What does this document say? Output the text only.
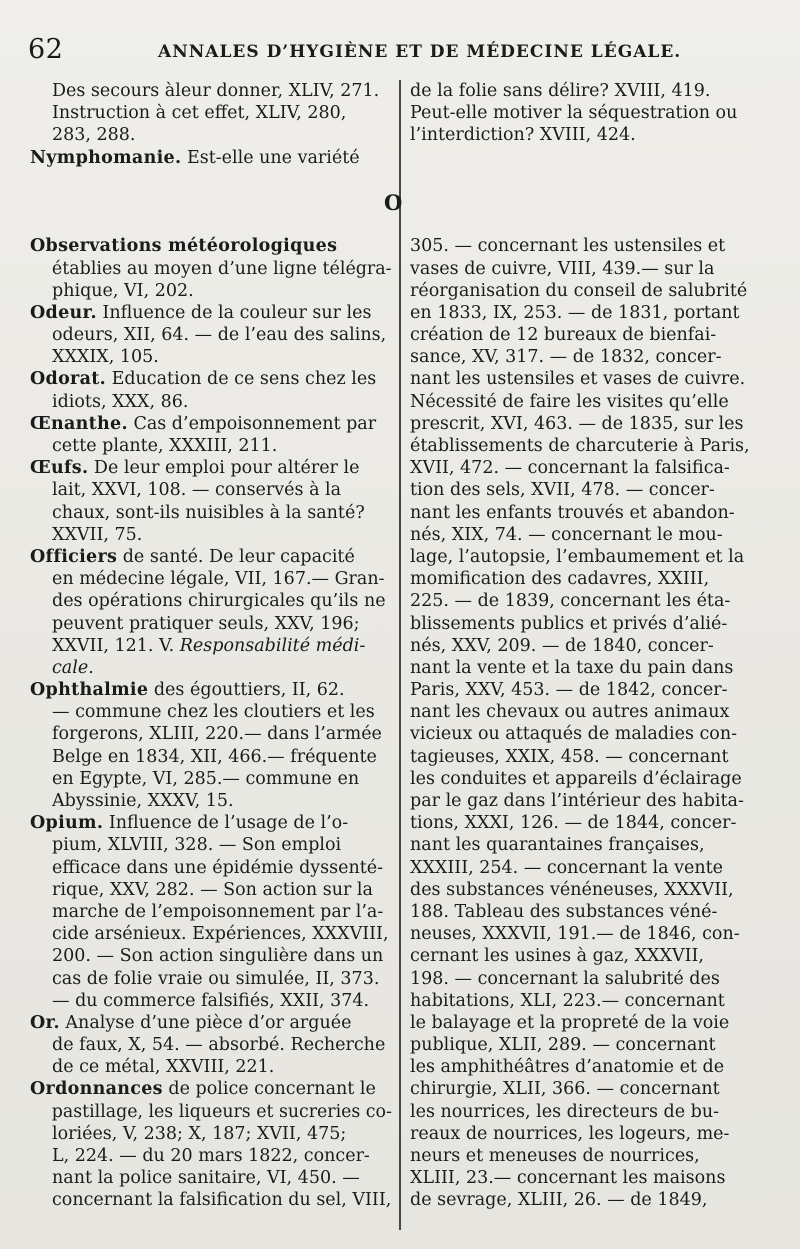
62	ANNALES D’HYGIÈNE ET DE MÉDECINE LÉGALE.
O
Des secours àleur donner, XLIV, 271.
Instruction à cet effet, XLIV, 280,
283, 288.
Nymphomanie. Est-elle une variété
Observations météorologiques
établies au moyen d’une ligne télégra-
phique, VI, 202.
Odeur. Influence de la couleur sur les
odeurs, XII, 64. — de l’eau des salins,
XXXIX, 105.
Odorat. Education de ce sens chez les
idiots, XXX, 86.
Œnanthe. Cas d’empoisonnement par
cette plante, XXXIII, 211.
Œufs. De leur emploi pour altérer le
lait, XXVI, 108. — conservés à la
chaux, sont-ils nuisibles à la santé?
XXVII, 75.
Officiers de santé. De leur capacité
en médecine légale, VII, 167.— Gran-
des opérations chirurgicales qu’ils ne
peuvent pratiquer seuls, XXV, 196;
XXVII, 121. V. Responsabilité médi-
cale.
Ophthalmie des égouttiers, II, 62.
— commune chez les cloutiers et les
forgerons, XLIII, 220.— dans l’armée
Belge en 1834, XII, 466.— fréquente
en Egypte, VI, 285.— commune en
Abyssinie, XXXV, 15.
Opium. Influence de l’usage de l’o-
pium, XLVIII, 328. — Son emploi
efficace dans une épidémie dyssenté-
rique, XXV, 282. — Son action sur la
marche de l’empoisonnement par l’a-
cide arsénieux. Expériences, XXXVIII,
200. — Son action singulière dans un
cas de folie vraie ou simulée, II, 373.
— du commerce falsifiés, XXII, 374.
Or. Analyse d’une pièce d’or arguée
de faux, X, 54. — absorbé. Recherche
de ce métal, XXVIII, 221.
Ordonnances de police concernant le
pastillage, les liqueurs et sucreries co-
loriées, V, 238; X, 187; XVII, 475;
L, 224. — du 20 mars 1822, concer-
nant la police sanitaire, VI, 450. —
concernant la falsification du sel, VIII,
de la folie sans délire? XVIII, 419.
Peut-elle motiver la séquestration ou
l’interdiction? XVIII, 424.
305. — concernant les ustensiles et
vases de cuivre, VIII, 439.— sur la
réorganisation du conseil de salubrité
en 1833, IX, 253. — de 1831, portant
création de 12 bureaux de bienfai-
sance, XV, 317. — de 1832, concer-
nant les ustensiles et vases de cuivre.
Nécessité de faire les visites qu’elle
prescrit, XVI, 463. — de 1835, sur les
établissements de charcuterie à Paris,
XVII, 472. — concernant la falsifica-
tion des sels, XVII, 478. — concer-
nant les enfants trouvés et abandon-
nés, XIX, 74. — concernant le mou-
lage, l’autopsie, l’embaumement et la
momification des cadavres, XXIII,
225. — de 1839, concernant les éta-
blissements publics et privés d’alié-
nés, XXV, 209. — de 1840, concer-
nant la vente et la taxe du pain dans
Paris, XXV, 453. — de 1842, concer-
nant les chevaux ou autres animaux
vicieux ou attaqués de maladies con-
tagieuses, XXIX, 458. — concernant
les conduites et appareils d’éclairage
par le gaz dans l’intérieur des habita-
tions, XXXI, 126. — de 1844, concer-
nant les quarantaines françaises,
XXXIII, 254. — concernant la vente
des substances vénéneuses, XXXVII,
188. Tableau des substances véné-
neuses, XXXVII, 191.— de 1846, con-
cernant les usines à gaz, XXXVII,
198. — concernant la salubrité des
habitations, XLI, 223.— concernant
le balayage et la propreté de la voie
publique, XLII, 289. — concernant
les amphithéâtres d’anatomie et de
chirurgie, XLII, 366. — concernant
les nourrices, les directeurs de bu-
reaux de nourrices, les logeurs, me-
neurs et meneuses de nourrices,
XLIII, 23.— concernant les maisons
de sevrage, XLIII, 26. — de 1849,
